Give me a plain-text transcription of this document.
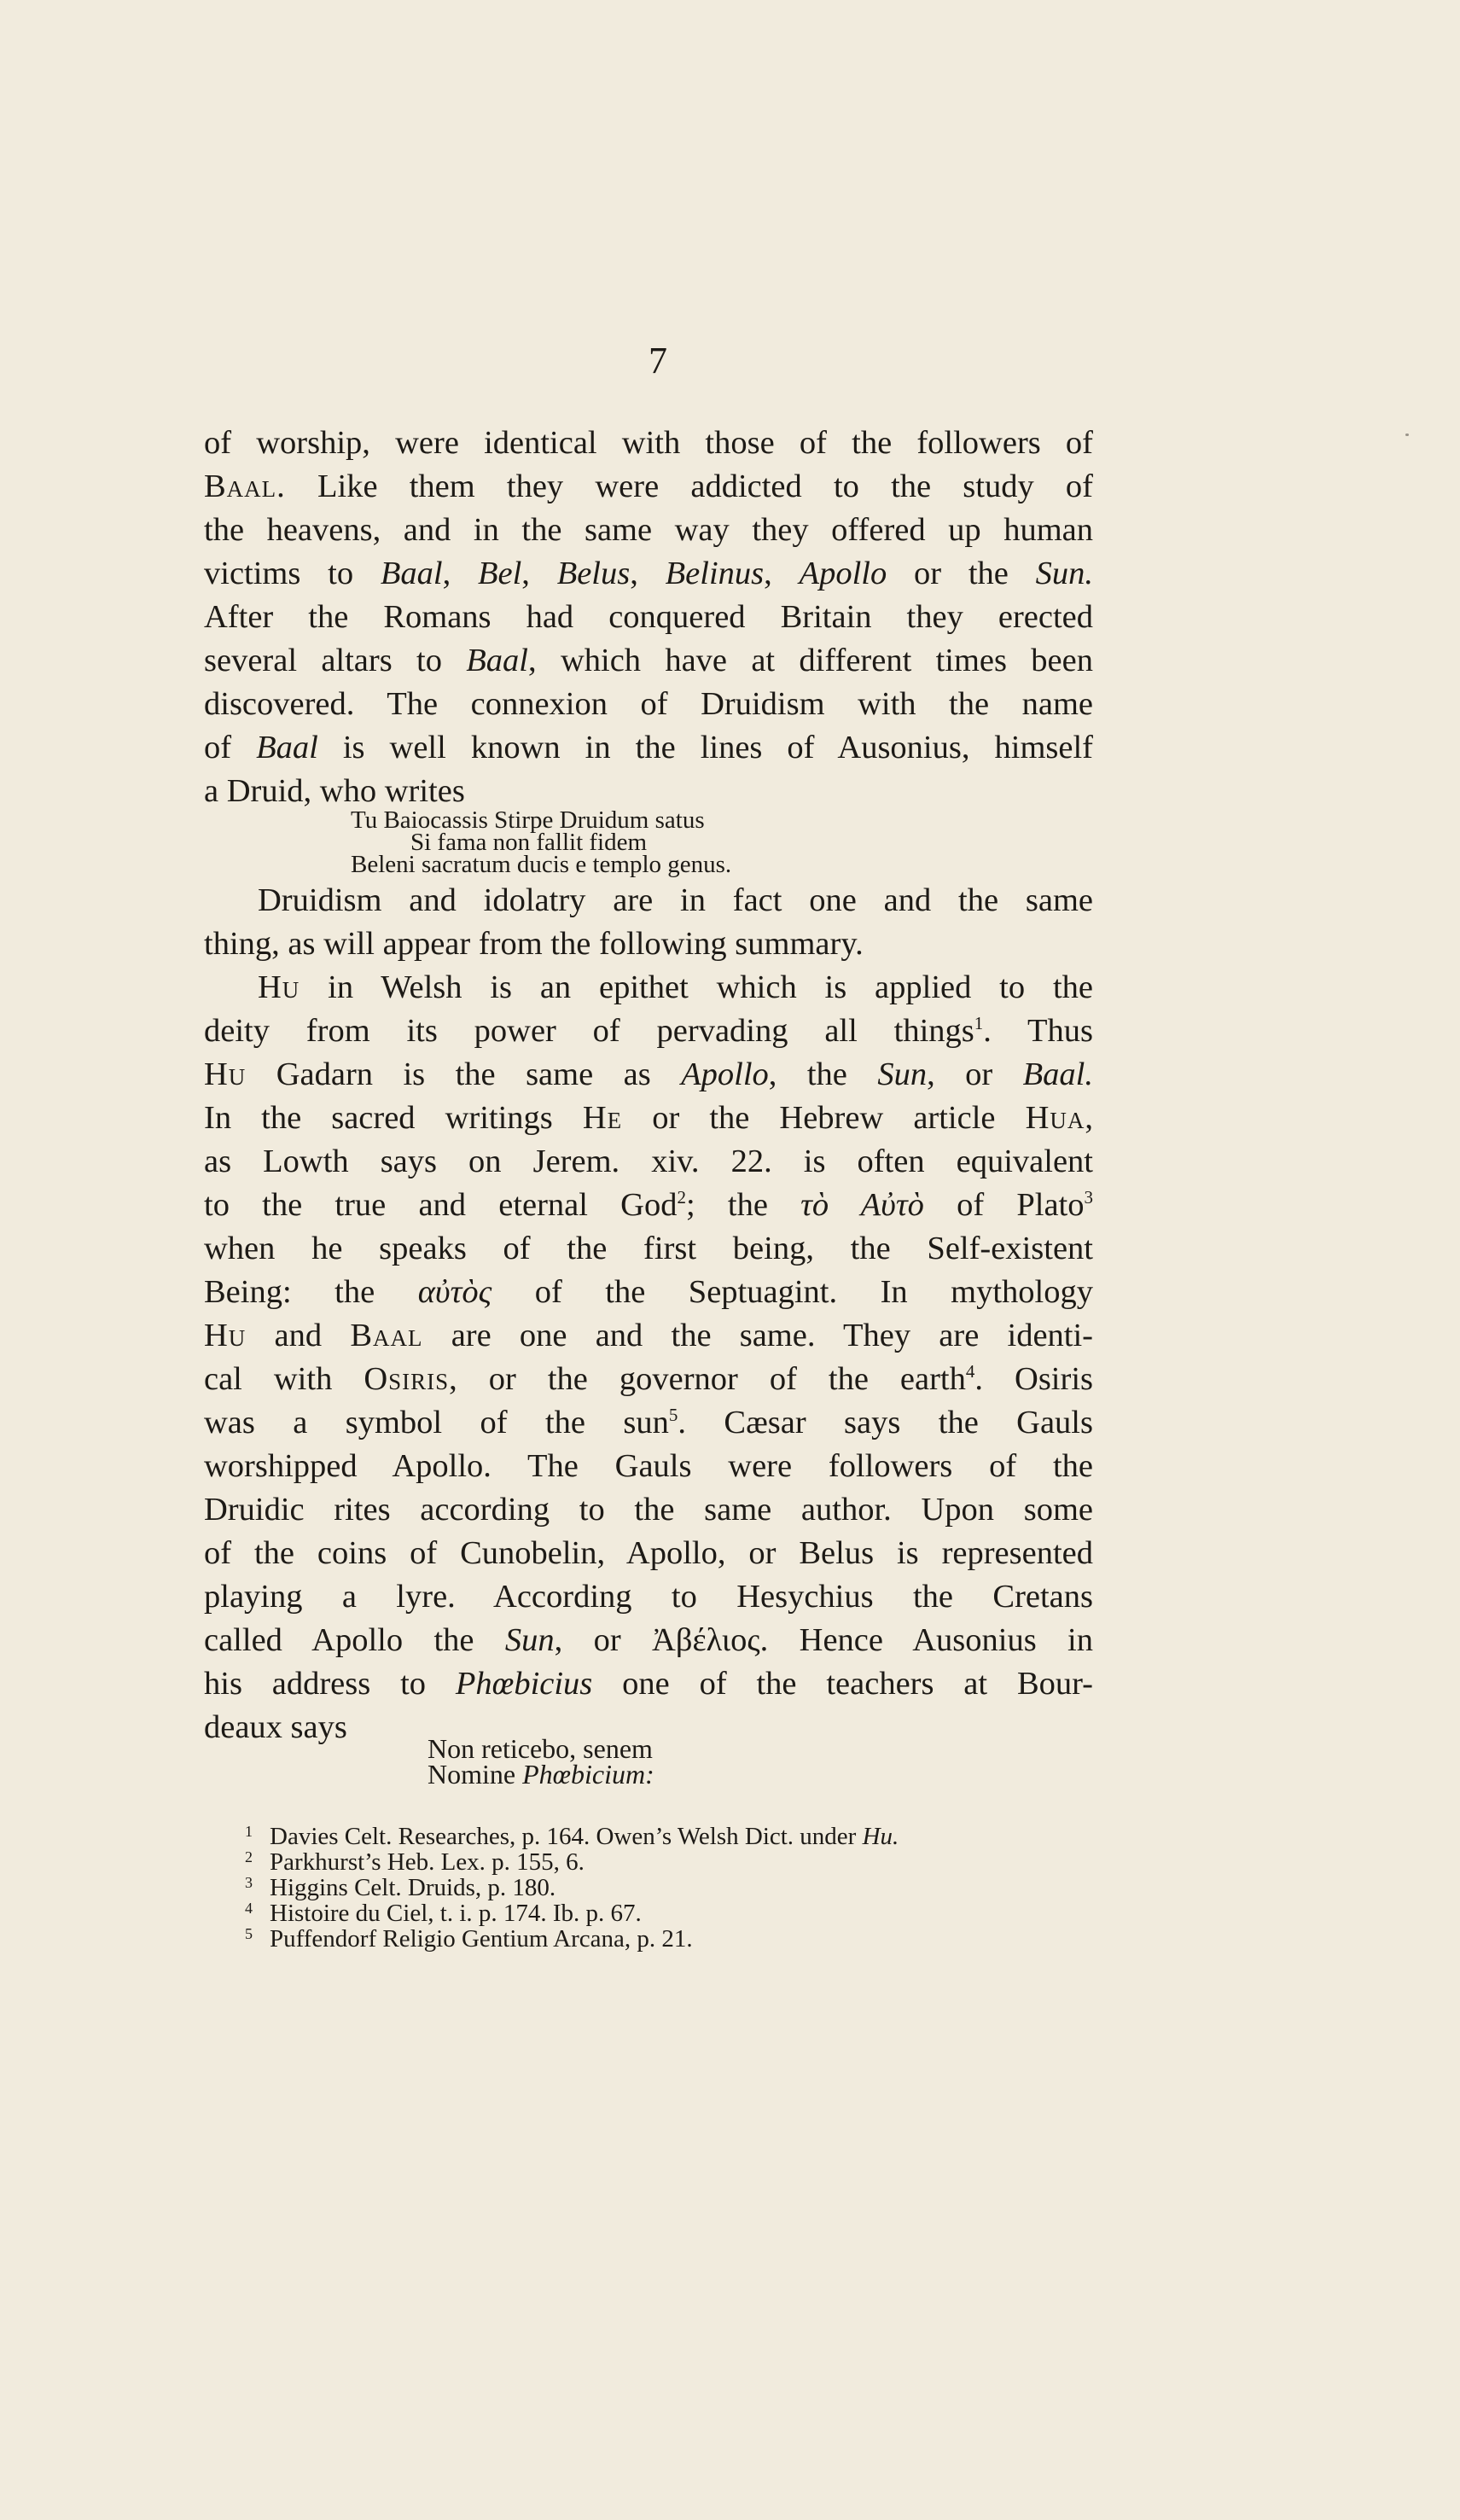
7
of worship, were identical with those of the followers of
Baal. Like them they were addicted to the study of
the heavens, and in the same way they offered up human
victims to Baal, Bel, Belus, Belinus, Apollo or the Sun.
After the Romans had conquered Britain they erected
several altars to Baal, which have at different times been
discovered. The connexion of Druidism with the name
of Baal is well known in the lines of Ausonius, himself
a Druid, who writes
Tu Baiocassis Stirpe Druidum satus
Si fama non fallit fidem
Beleni sacratum ducis e templo genus.
Druidism and idolatry are in fact one and the same
thing, as will appear from the following summary.
Hu in Welsh is an epithet which is applied to the
deity from its power of pervading all things$^1$. Thus
Hu Gadarn is the same as Apollo, the Sun, or Baal.
In the sacred writings He or the Hebrew article Hua,
as Lowth says on Jerem. xiv. 22. is often equivalent
to the true and eternal God$^2$; the τὸ Αὐτὸ of Plato$^3$
when he speaks of the first being, the Self-existent
Being: the αὐτὸς of the Septuagint. In mythology
Hu and Baal are one and the same. They are identi-
cal with Osiris, or the governor of the earth$^4$. Osiris
was a symbol of the sun$^5$. Cæsar says the Gauls
worshipped Apollo. The Gauls were followers of the
Druidic rites according to the same author. Upon some
of the coins of Cunobelin, Apollo, or Belus is represented
playing a lyre. According to Hesychius the Cretans
called Apollo the Sun, or Ἀβέλιος. Hence Ausonius in
his address to Phœbicius one of the teachers at Bour-
deaux says
Non reticebo, senem
Nomine Phœbicium:
1 Davies Celt. Researches, p. 164. Owen’s Welsh Dict. under Hu.
2 Parkhurst’s Heb. Lex. p. 155, 6.
3 Higgins Celt. Druids, p. 180.
4 Histoire du Ciel, t. i. p. 174. Ib. p. 67.
5 Puffendorf Religio Gentium Arcana, p. 21.
